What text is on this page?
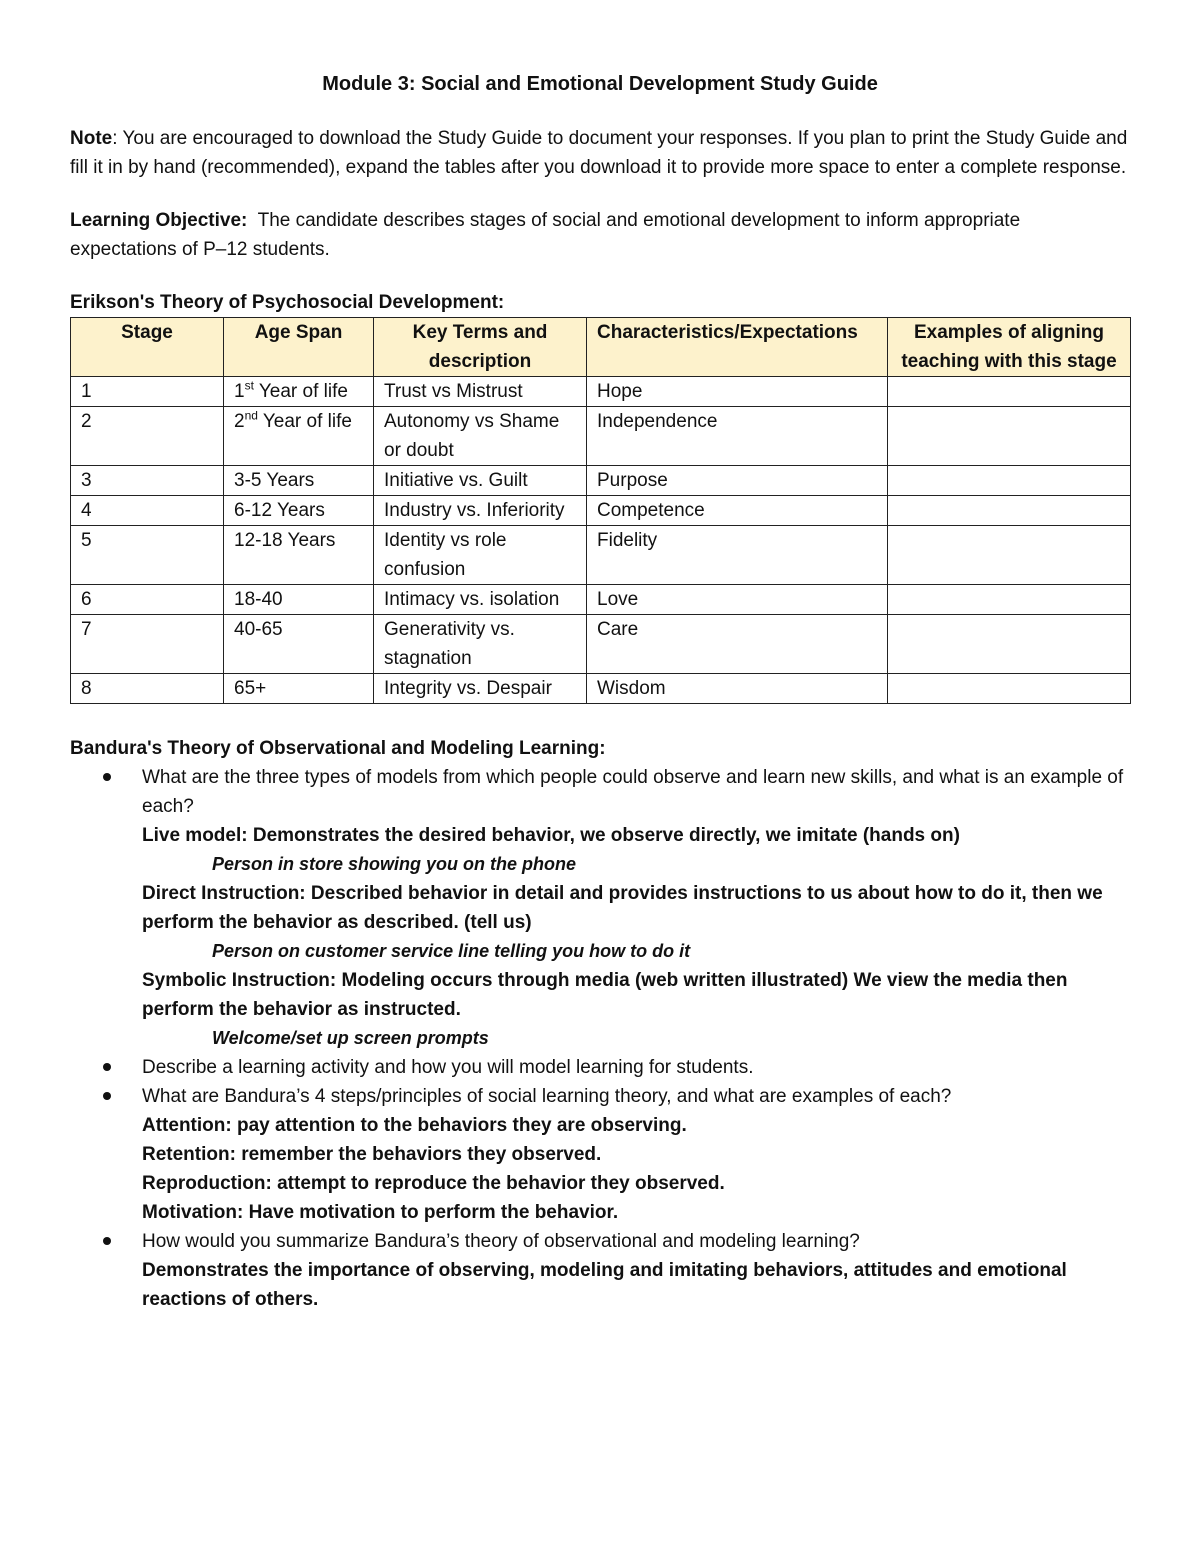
Module 3: Social and Emotional Development Study Guide

Note: You are encouraged to download the Study Guide to document your responses. If you plan to print the Study Guide and fill it in by hand (recommended), expand the tables after you download it to provide more space to enter a complete response.

Learning Objective:  The candidate describes stages of social and emotional development to inform appropriate expectations of P–12 students.

Erikson's Theory of Psychosocial Development:

Stage	Age Span	Key Terms and description	Characteristics/Expectations	Examples of aligning teaching with this stage
1	1st Year of life	Trust vs Mistrust	Hope	
2	2nd Year of life	Autonomy vs Shame or doubt	Independence	
3	3-5 Years	Initiative vs. Guilt	Purpose	
4	6-12 Years	Industry vs. Inferiority	Competence	
5	12-18 Years	Identity vs role confusion	Fidelity	
6	18-40	Intimacy vs. isolation	Love	
7	40-65	Generativity vs. stagnation	Care	
8	65+	Integrity vs. Despair	Wisdom	
Bandura's Theory of Observational and Modeling Learning:
What are the three types of models from which people could observe and learn new skills, and what is an example of each?
Live model: Demonstrates the desired behavior, we observe directly, we imitate (hands on)
Person in store showing you on the phone
Direct Instruction: Described behavior in detail and provides instructions to us about how to do it, then we perform the behavior as described. (tell us)
Person on customer service line telling you how to do it
Symbolic Instruction: Modeling occurs through media (web written illustrated) We view the media then perform the behavior as instructed.
Welcome/set up screen prompts
Describe a learning activity and how you will model learning for students.
What are Bandura’s 4 steps/principles of social learning theory, and what are examples of each?
Attention: pay attention to the behaviors they are observing.
Retention: remember the behaviors they observed.
Reproduction: attempt to reproduce the behavior they observed.
Motivation: Have motivation to perform the behavior.
How would you summarize Bandura’s theory of observational and modeling learning?
Demonstrates the importance of observing, modeling and imitating behaviors, attitudes and emotional reactions of others.
